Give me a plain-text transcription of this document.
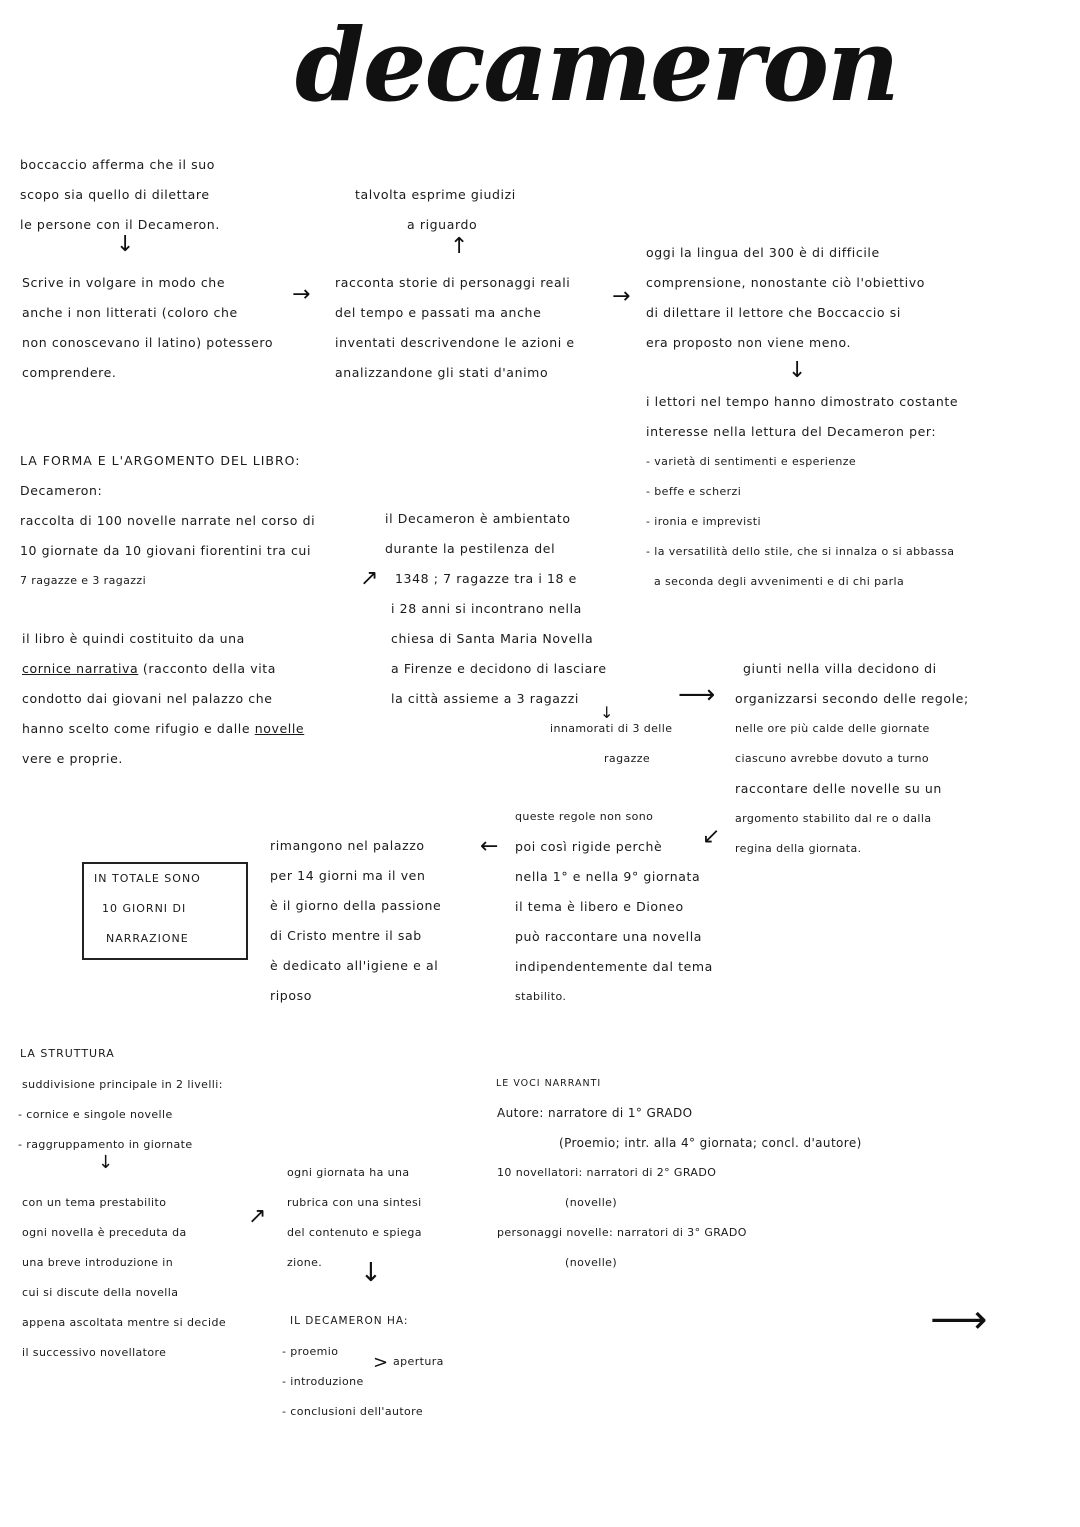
decameron
boccaccio afferma che il suo
scopo sia quello di dilettare
le persone con il Decameron.
↓
Scrive in volgare in modo che
anche i non litterati (coloro che
non conoscevano il latino) potessero
comprendere.
→
talvolta esprime giudizi
a riguardo
↑
racconta storie di personaggi reali
del tempo e passati ma anche
inventati descrivendone le azioni e
analizzandone gli stati d'animo
→
oggi la lingua del 300 è di difficile
comprensione, nonostante ciò l'obiettivo
di dilettare il lettore che Boccaccio si
era proposto non viene meno.
↓
i lettori nel tempo hanno dimostrato costante
interesse nella lettura del Decameron per:
- varietà di sentimenti e esperienze
- beffe e scherzi
- ironia e imprevisti
- la versatilità dello stile, che si innalza o si abbassa
a seconda degli avvenimenti e di chi parla
LA FORMA E L'ARGOMENTO DEL LIBRO:
Decameron:
raccolta di 100 novelle narrate nel corso di
10 giornate da 10 giovani fiorentini tra cui
7 ragazze e 3 ragazzi	↗
il Decameron è ambientato
durante la pestilenza del
1348 ; 7 ragazze tra i 18 e
i 28 anni si incontrano nella
chiesa di Santa Maria Novella
a Firenze e decidono di lasciare
la città assieme a 3 ragazzi
↓
innamorati di 3 delle
ragazze
⟶
il libro è quindi costituito da una
cornice narrativa (racconto della vita
condotto dai giovani nel palazzo che
hanno scelto come rifugio e dalle novelle
vere e proprie.
giunti nella villa decidono di
organizzarsi secondo delle regole;
nelle ore più calde delle giornate
ciascuno avrebbe dovuto a turno
raccontare delle novelle su un
argomento stabilito dal re o dalla
regina della giornata.
↙
queste regole non sono
poi così rigide perchè
nella 1° e nella 9° giornata
il tema è libero e Dioneo
può raccontare una novella
indipendentemente dal tema
stabilito.
←
rimangono nel palazzo
per 14 giorni ma il ven
è il giorno della passione
di Cristo mentre il sab
è dedicato all'igiene e al
riposo
IN TOTALE SONO
10 GIORNI DI
NARRAZIONE
LA STRUTTURA
suddivisione principale in 2 livelli:
- cornice e singole novelle
- raggruppamento in giornate
↓
con un tema prestabilito
ogni novella è preceduta da
una breve introduzione in
cui si discute della novella
appena ascoltata mentre si decide
il successivo novellatore
↗
ogni giornata ha una
rubrica con una sintesi
del contenuto e spiega
zione.	↓
IL DECAMERON HA:
- proemio
- introduzione
- conclusioni dell'autore
> apertura
LE VOCI NARRANTI
Autore: narratore di 1° GRADO
(Proemio; intr. alla 4° giornata; concl. d'autore)
10 novellatori: narratori di 2° GRADO
(novelle)
personaggi novelle: narratori di 3° GRADO
(novelle)
⟶
